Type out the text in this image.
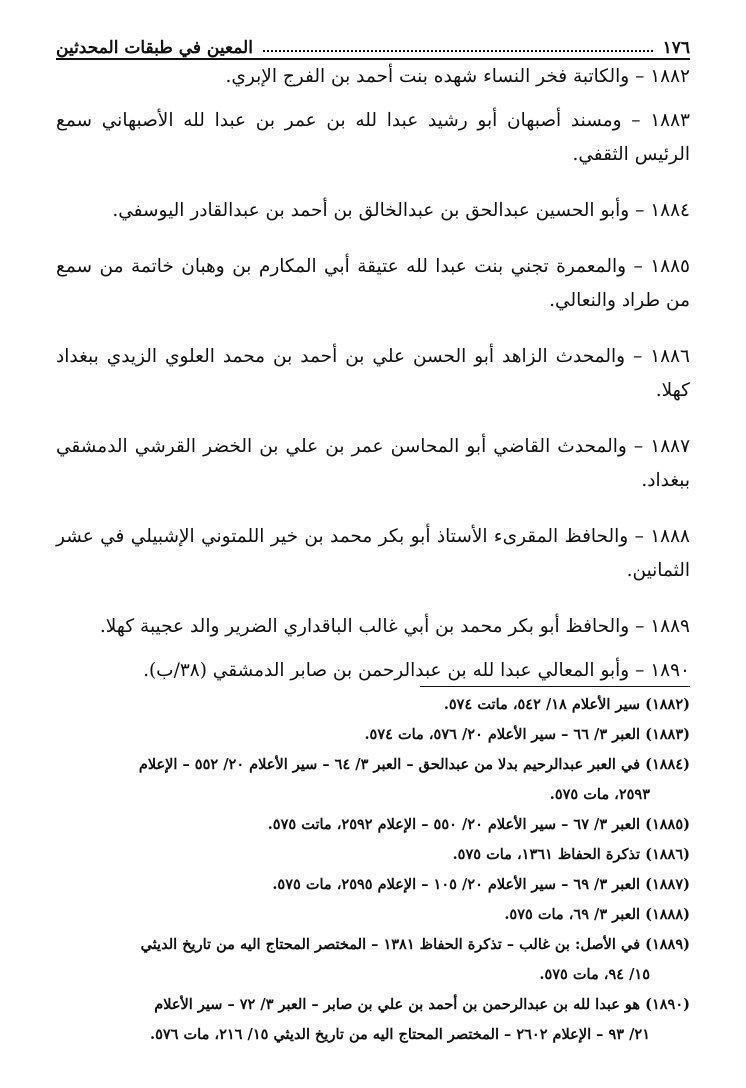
١٧٦
المعين في طبقات المحدثين

١٨٨٢ – والكاتبة فخر النساء شهده بنت أحمد بن الفرج الإبري.

١٨٨٣ – ومسند أصبهان أبو رشيد عبدا لله بن عمر بن عبدا لله الأصبهاني سمع الرئيس الثقفي.

١٨٨٤ – وأبو الحسين عبدالحق بن عبدالخالق بن أحمد بن عبدالقادر اليوسفي.

١٨٨٥ – والمعمرة تجني بنت عبدا لله عتيقة أبي المكارم بن وهبان خاتمة من سمع من طراد والنعالي.

١٨٨٦ – والمحدث الزاهد أبو الحسن علي بن أحمد بن محمد العلوي الزيدي ببغداد كهلا.

١٨٨٧ – والمحدث القاضي أبو المحاسن عمر بن علي بن الخضر القرشي الدمشقي ببغداد.

١٨٨٨ – والحافظ المقرىء الأستاذ أبو بكر محمد بن خير اللمتوني الإشبيلي في عشر الثمانين.

١٨٨٩ – والحافظ أبو بكر محمد بن أبي غالب الباقداري الضرير والد عجيبة كهلا.

١٨٩٠ – وأبو المعالي عبدا لله بن عبدالرحمن بن صابر الدمشقي (٣٨/ب).

(١٨٨٢) سير الأعلام ١٨/ ٥٤٢، ماتت ٥٧٤.

(١٨٨٣) العبر ٣/ ٦٦ – سير الأعلام ٢٠/ ٥٧٦، مات ٥٧٤.

(١٨٨٤) في العبر عبدالرحيم بدلا من عبدالحق – العبر ٣/ ٦٤ – سير الأعلام ٢٠/ ٥٥٢ – الإعلام
٢٥٩٣، مات ٥٧٥.

(١٨٨٥) العبر ٣/ ٦٧ – سير الأعلام ٢٠/ ٥٥٠ – الإعلام ٢٥٩٢، ماتت ٥٧٥.

(١٨٨٦) تذكرة الحفاظ ١٣٦١، مات ٥٧٥.

(١٨٨٧) العبر ٣/ ٦٩ – سير الأعلام ٢٠/ ١٠٥ – الإعلام ٢٥٩٥، مات ٥٧٥.

(١٨٨٨) العبر ٣/ ٦٩، مات ٥٧٥.

(١٨٨٩) في الأصل: بن غالب – تذكرة الحفاظ ١٣٨١ – المختصر المحتاج اليه من تاريخ الديثي
١٥/ ٩٤، مات ٥٧٥.

(١٨٩٠) هو عبدا لله بن عبدالرحمن بن أحمد بن علي بن صابر – العبر ٣/ ٧٢ – سير الأعلام
٢١/ ٩٣ – الإعلام ٢٦٠٢ – المختصر المحتاج اليه من تاريخ الديثي ١٥/ ٢١٦، مات ٥٧٦.
